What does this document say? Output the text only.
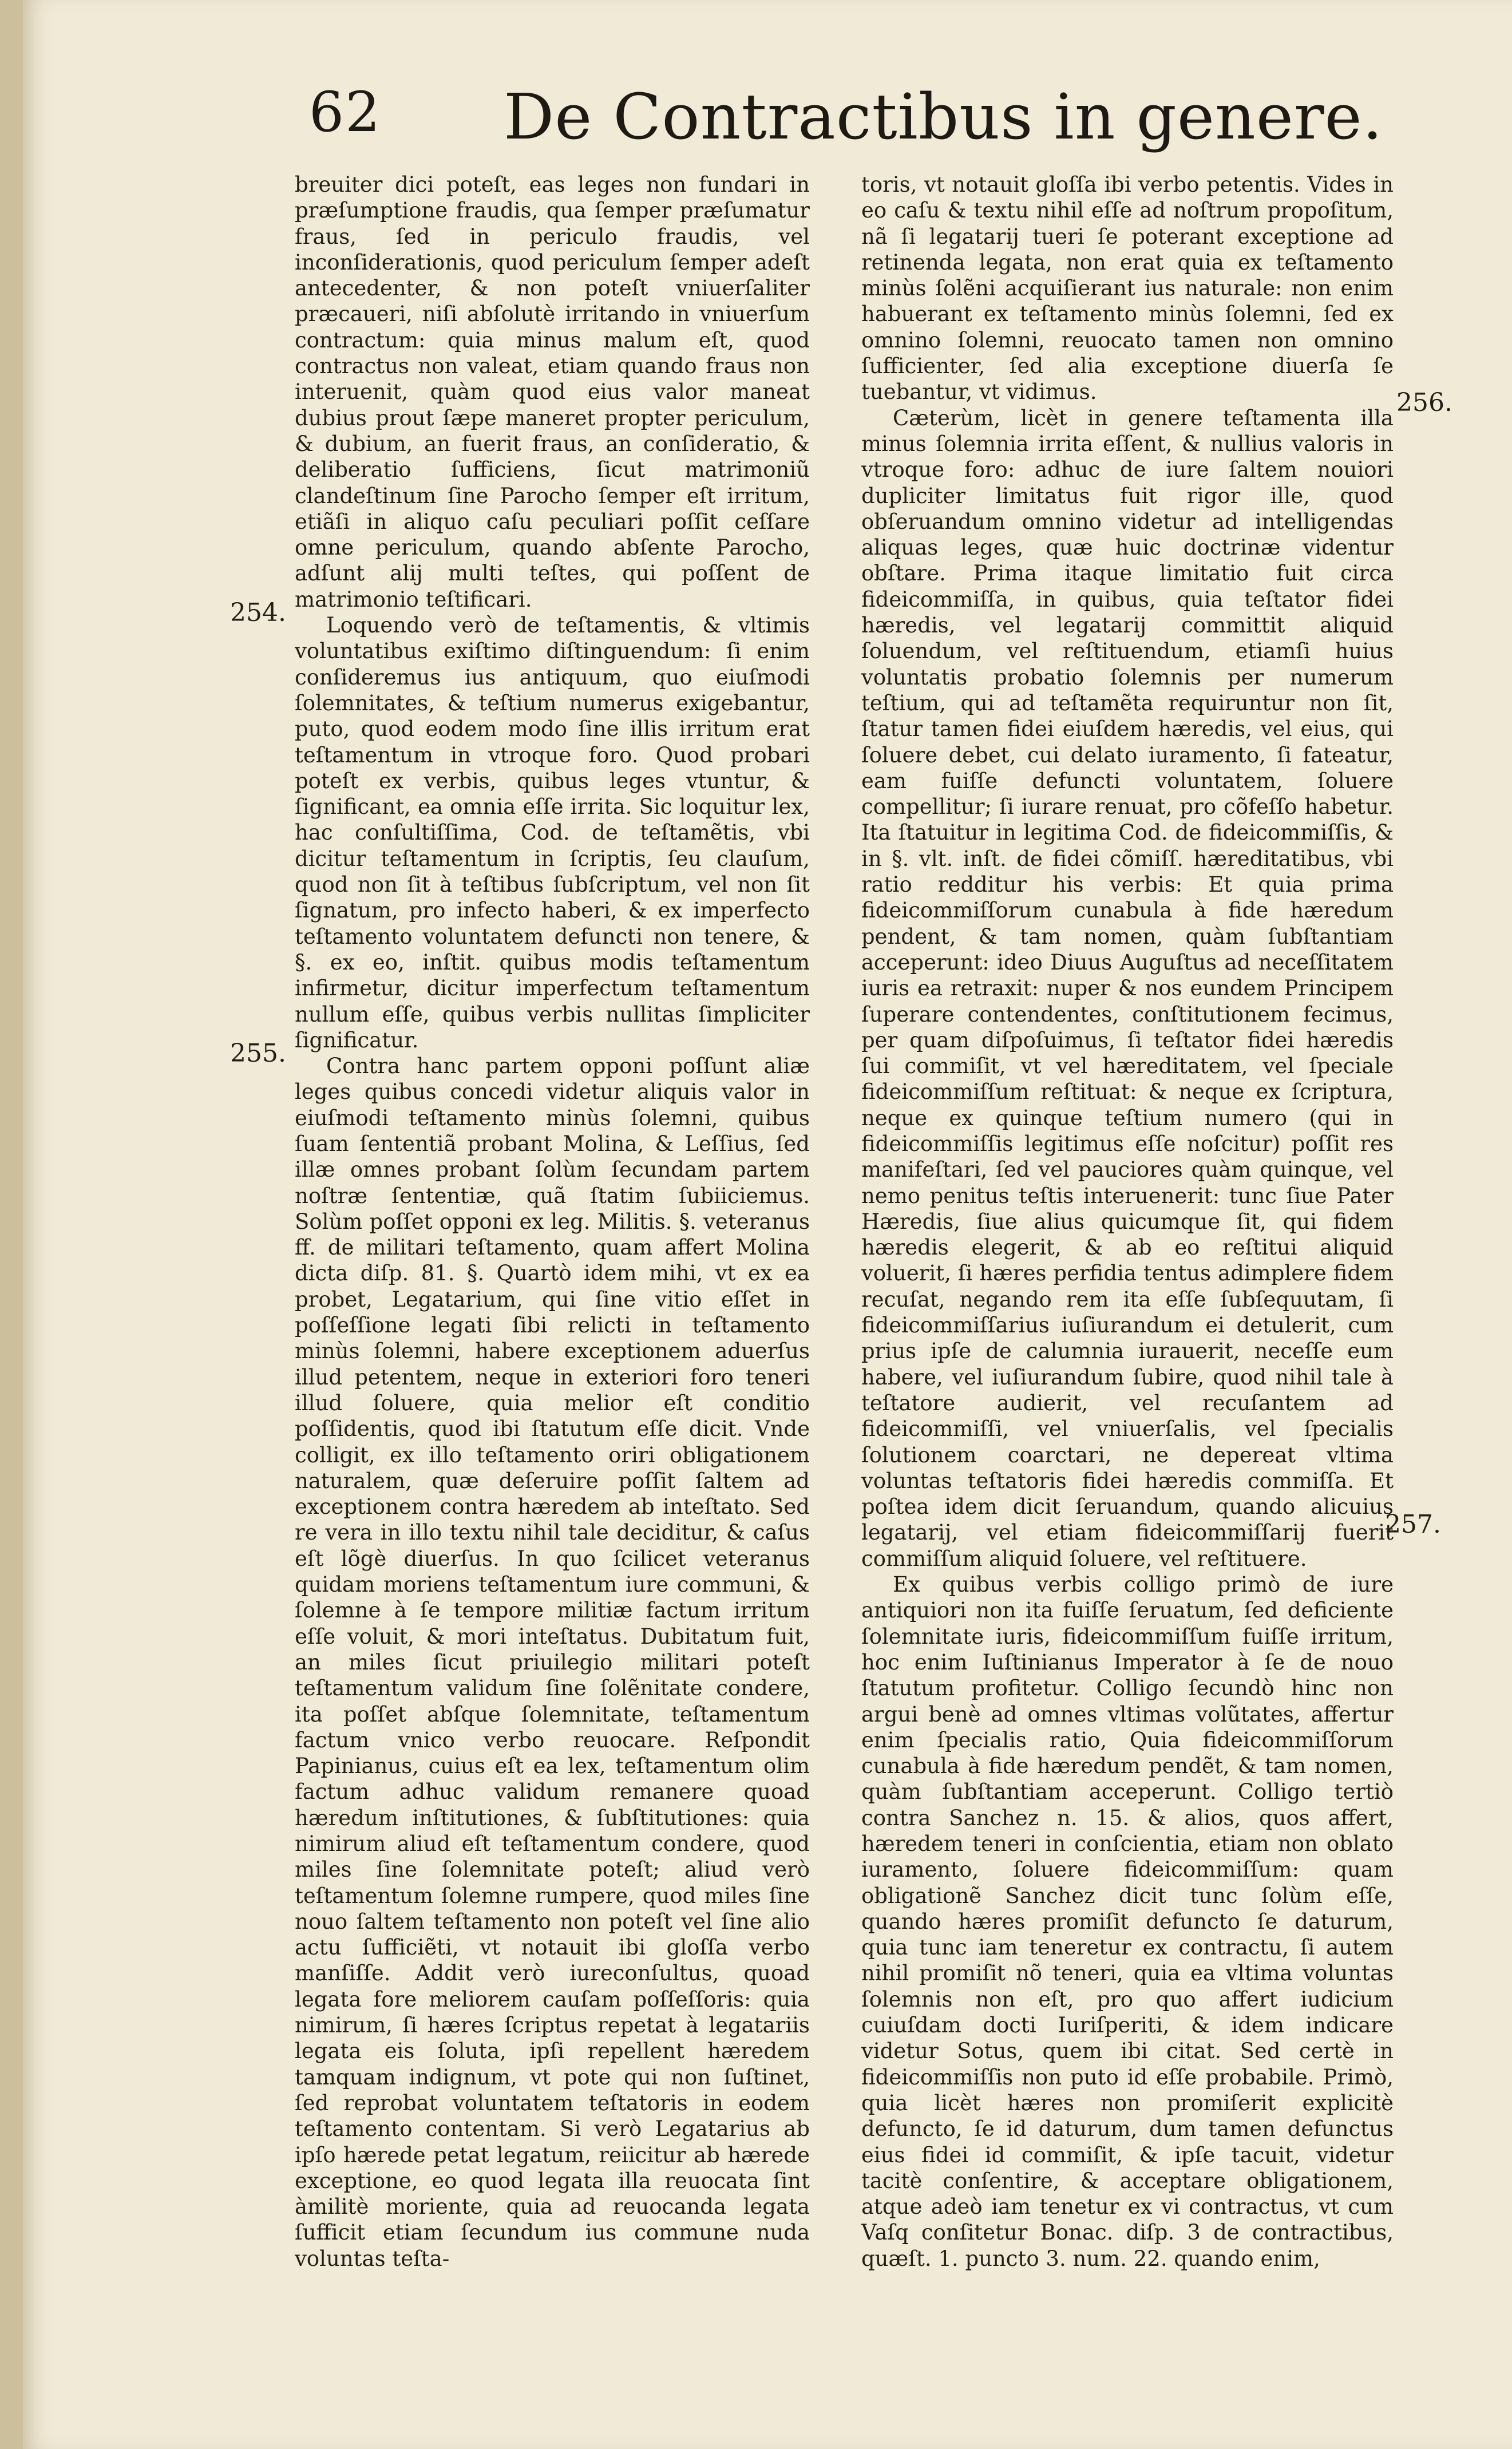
62 De Contractibus in genere.
254.
255.
256.
257.

breuiter dici poteſt, eas leges non fundari in præſumptione fraudis, qua ſemper præſumatur fraus, ſed in periculo fraudis, vel inconſiderationis, quod periculum ſemper adeſt antecedenter, & non poteſt vniuerſaliter præcaueri, niſi abſolutè irritando in vniuerſum contractum: quia minus malum eſt, quod contractus non valeat, etiam quando fraus non interuenit, quàm quod eius valor maneat dubius prout ſæpe maneret propter periculum, & dubium, an fuerit fraus, an conſideratio, & deliberatio ſufficiens, ſicut matrimoniũ clandeſtinum ſine Parocho ſemper eſt irritum, etiãſi in aliquo caſu peculiari poſſit ceſſare omne periculum, quando abſente Parocho, adſunt alij multi teſtes, qui poſſent de matrimonio teſtificari.

Loquendo verò de teſtamentis, & vltimis voluntatibus exiſtimo diſtinguendum: ſi enim conſideremus ius antiquum, quo eiuſmodi ſolemnitates, & teſtium numerus exigebantur, puto, quod eodem modo ſine illis irritum erat teſtamentum in vtroque foro. Quod probari poteſt ex verbis, quibus leges vtuntur, & ſignificant, ea omnia eſſe irrita. Sic loquitur lex, hac conſultiſſima, Cod. de teſtamẽtis, vbi dicitur teſtamentum in ſcriptis, ſeu clauſum, quod non ſit à teſtibus ſubſcriptum, vel non ſit ſignatum, pro infecto haberi, & ex imperfecto teſtamento voluntatem defuncti non tenere, & §. ex eo, inſtit. quibus modis teſtamentum infirmetur, dicitur imperfectum teſtamentum nullum eſſe, quibus verbis nullitas ſimpliciter ſignificatur.

Contra hanc partem opponi poſſunt aliæ leges quibus concedi videtur aliquis valor in eiuſmodi teſtamento minùs ſolemni, quibus ſuam ſententiã probant Molina, & Leſſius, ſed illæ omnes probant ſolùm ſecundam partem noſtræ ſententiæ, quã ſtatim ſubiiciemus. Solùm poſſet opponi ex leg. Militis. §. veteranus ff. de militari teſtamento, quam affert Molina dicta diſp. 81. §. Quartò idem mihi, vt ex ea probet, Legatarium, qui ſine vitio eſſet in poſſeſſione legati ſibi relicti in teſtamento minùs ſolemni, habere exceptionem aduerſus illud petentem, neque in exteriori foro teneri illud ſoluere, quia melior eſt conditio poſſidentis, quod ibi ſtatutum eſſe dicit. Vnde colligit, ex illo teſtamento oriri obligationem naturalem, quæ deſeruire poſſit ſaltem ad exceptionem contra hæredem ab inteſtato. Sed re vera in illo textu nihil tale deciditur, & caſus eſt lõgè diuerſus. In quo ſcilicet veteranus quidam moriens teſtamentum iure communi, & ſolemne à ſe tempore militiæ factum irritum eſſe voluit, & mori inteſtatus. Dubitatum fuit, an miles ſicut priuilegio militari poteſt teſtamentum validum ſine ſolẽnitate condere, ita poſſet abſque ſolemnitate, teſtamentum factum vnico verbo reuocare. Reſpondit Papinianus, cuius eſt ea lex, teſtamentum olim factum adhuc validum remanere quoad hæredum inſtitutiones, & ſubſtitutiones: quia nimirum aliud eſt teſtamentum condere, quod miles ſine ſolemnitate poteſt; aliud verò teſtamentum ſolemne rumpere, quod miles ſine nouo ſaltem teſtamento non poteſt vel ſine alio actu ſufficiẽti, vt notauit ibi gloſſa verbo manſiſſe. Addit verò iureconſultus, quoad legata fore meliorem cauſam poſſeſſoris: quia nimirum, ſi hæres ſcriptus repetat à legatariis legata eis ſoluta, ipſi repellent hæredem tamquam indignum, vt pote qui non ſuſtinet, ſed reprobat voluntatem teſtatoris in eodem teſtamento contentam. Si verò Legatarius ab ipſo hærede petat legatum, reiicitur ab hærede exceptione, eo quod legata illa reuocata ſint àmilitè moriente, quia ad reuocanda legata ſufficit etiam ſecundum ius commune nuda voluntas teſta-

toris, vt notauit gloſſa ibi verbo petentis. Vides in eo caſu & textu nihil eſſe ad noſtrum propoſitum, nã ſi legatarij tueri ſe poterant exceptione ad retinenda legata, non erat quia ex teſtamento minùs ſolẽni acquiſierant ius naturale: non enim habuerant ex teſtamento minùs ſolemni, ſed ex omnino ſolemni, reuocato tamen non omnino ſufficienter, ſed alia exceptione diuerſa ſe tuebantur, vt vidimus.

Cæterùm, licèt in genere teſtamenta illa minus ſolemnia irrita eſſent, & nullius valoris in vtroque foro: adhuc de iure ſaltem nouiori dupliciter limitatus fuit rigor ille, quod obſeruandum omnino videtur ad intelligendas aliquas leges, quæ huic doctrinæ videntur obſtare. Prima itaque limitatio fuit circa fideicommiſſa, in quibus, quia teſtator fidei hæredis, vel legatarij committit aliquid ſoluendum, vel reſtituendum, etiamſi huius voluntatis probatio ſolemnis per numerum teſtium, qui ad teſtamẽta requiruntur non ſit, ſtatur tamen fidei eiuſdem hæredis, vel eius, qui ſoluere debet, cui delato iuramento, ſi fateatur, eam fuiſſe defuncti voluntatem, ſoluere compellitur; ſi iurare renuat, pro cõfeſſo habetur. Ita ſtatuitur in legitima Cod. de fideicommiſſis, & in §. vlt. inſt. de fidei cõmiſſ. hæreditatibus, vbi ratio redditur his verbis: Et quia prima fideicommiſſorum cunabula à fide hæredum pendent, & tam nomen, quàm ſubſtantiam acceperunt: ideo Diuus Auguſtus ad neceſſitatem iuris ea retraxit: nuper & nos eundem Principem ſuperare contendentes, conſtitutionem fecimus, per quam diſpoſuimus, ſi teſtator fidei hæredis ſui commiſit, vt vel hæreditatem, vel ſpeciale fideicommiſſum reſtituat: & neque ex ſcriptura, neque ex quinque teſtium numero (qui in fideicommiſſis legitimus eſſe noſcitur) poſſit res manifeſtari, ſed vel pauciores quàm quinque, vel nemo penitus teſtis interuenerit: tunc ſiue Pater Hæredis, ſiue alius quicumque ſit, qui fidem hæredis elegerit, & ab eo reſtitui aliquid voluerit, ſi hæres perfidia tentus adimplere fidem recuſat, negando rem ita eſſe ſubſequutam, ſi fideicommiſſarius iuſiurandum ei detulerit, cum prius ipſe de calumnia iurauerit, neceſſe eum habere, vel iuſiurandum ſubire, quod nihil tale à teſtatore audierit, vel recuſantem ad fideicommiſſi, vel vniuerſalis, vel ſpecialis ſolutionem coarctari, ne depereat vltima voluntas teſtatoris fidei hæredis commiſſa. Et poſtea idem dicit ſeruandum, quando alicuius legatarij, vel etiam fideicommiſſarij fuerit commiſſum aliquid ſoluere, vel reſtituere.

Ex quibus verbis colligo primò de iure antiquiori non ita fuiſſe ſeruatum, ſed deficiente ſolemnitate iuris, fideicommiſſum fuiſſe irritum, hoc enim Iuſtinianus Imperator à ſe de nouo ſtatutum profitetur. Colligo ſecundò hinc non argui benè ad omnes vltimas volũtates, affertur enim ſpecialis ratio, Quia fideicommiſſorum cunabula à fide hæredum pendẽt, & tam nomen, quàm ſubſtantiam acceperunt. Colligo tertiò contra Sanchez n. 15. & alios, quos affert, hæredem teneri in conſcientia, etiam non oblato iuramento, ſoluere fideicommiſſum: quam obligationẽ Sanchez dicit tunc ſolùm eſſe, quando hæres promiſit defuncto ſe daturum, quia tunc iam teneretur ex contractu, ſi autem nihil promiſit nõ teneri, quia ea vltima voluntas ſolemnis non eſt, pro quo affert iudicium cuiuſdam docti Iuriſperiti, & idem indicare videtur Sotus, quem ibi citat. Sed certè in fideicommiſſis non puto id eſſe probabile. Primò, quia licèt hæres non promiſerit explicitè defuncto, ſe id daturum, dum tamen defunctus eius fidei id commiſit, & ipſe tacuit, videtur tacitè conſentire, & acceptare obligationem, atque adeò iam tenetur ex vi contractus, vt cum Vaſq conſitetur Bonac. diſp. 3 de contractibus, quæſt. 1. puncto 3. num. 22. quando enim,
